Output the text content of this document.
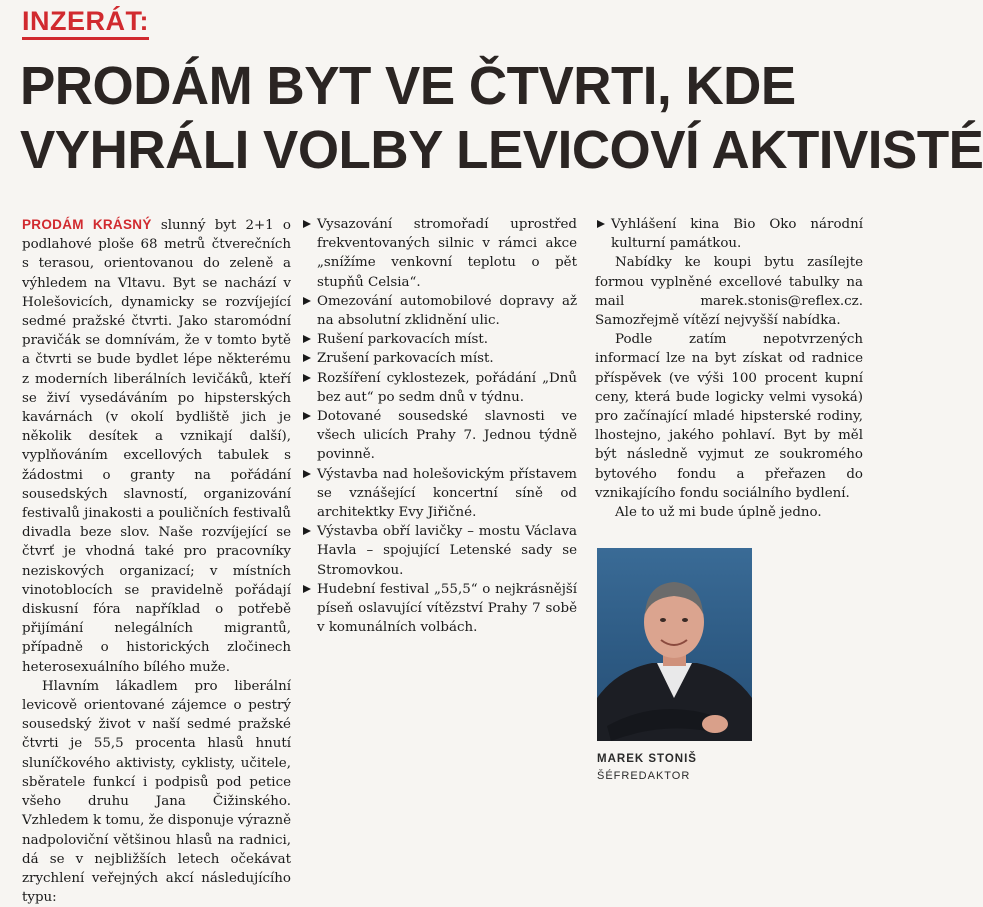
INZERÁT:
PRODÁM BYT VE ČTVRTI, KDE
VYHRÁLI VOLBY LEVICOVÍ AKTIVISTÉ

PRODÁM KRÁSNÝ slunný byt 2+1 o podlahové ploše 68 metrů čtverečních s terasou, orientovanou do zeleně a výhledem na Vltavu. Byt se nachází v Holešovicích, dynamicky se rozvíjející sedmé pražské čtvrti. Jako staromódní pravičák se domnívám, že v tomto bytě a čtvrti se bude bydlet lépe některému z moderních liberálních levičáků, kteří se živí vysedáváním po hipsterských kavárnách (v okolí bydliště jich je několik desítek a vznikají další), vyplňováním excellových tabulek s žádostmi o granty na pořádání sousedských slavností, organizování festivalů jinakosti a pouličních festivalů divadla beze slov. Naše rozvíjející se čtvrť je vhodná také pro pracovníky neziskových organizací; v místních vinotoblocích se pravidelně pořádají diskusní fóra například o potřebě přijímání nelegálních migrantů, případně o historických zločinech heterosexuálního bílého muže.

Hlavním lákadlem pro liberální levicově orientované zájemce o pestrý sousedský život v naší sedmé pražské čtvrti je 55,5 procenta hlasů hnutí sluníčkového aktivisty, cyklisty, učitele, sběratele funkcí i podpisů pod petice všeho druhu Jana Čižinského. Vzhledem k tomu, že disponuje výrazně nadpoloviční většinou hlasů na radnici, dá se v nejbližších letech očekávat zrychlení veřejných akcí následujícího typu:

Vysazování stromořadí uprostřed frekventovaných silnic v rámci akce „snížíme venkovní teplotu o pět stupňů Celsia“.
Omezování automobilové dopravy až na absolutní zklidnění ulic.
Rušení parkovacích míst.
Zrušení parkovacích míst.
Rozšíření cyklostezek, pořádání „Dnů bez aut“ po sedm dnů v týdnu.
Dotované sousedské slavnosti ve všech ulicích Prahy 7. Jednou týdně povinně.
Výstavba nad holešovickým přístavem se vznášející koncertní síně od architektky Evy Jiřičné.
Výstavba obří lavičky – mostu Václava Havla – spojující Letenské sady se Stromovkou.
Hudební festival „55,5“ o nejkrásnější píseň oslavující vítězství Prahy 7 sobě v komunálních volbách.
Vyhlášení kina Bio Oko národní kulturní památkou.

Nabídky ke koupi bytu zasílejte formou vyplněné excellové tabulky na mail marek.stonis@reflex.cz. Samozřejmě vítězí nejvyšší nabídka.

Podle zatím nepotvrzených informací lze na byt získat od radnice příspěvek (ve výši 100 procent kupní ceny, která bude logicky velmi vysoká) pro začínající mladé hipsterské rodiny, lhostejno, jakého pohlaví. Byt by měl být následně vyjmut ze soukromého bytového fondu a přeřazen do vznikajícího fondu sociálního bydlení.

Ale to už mi bude úplně jedno.

MAREK STONIŠ
ŠÉFREDAKTOR
